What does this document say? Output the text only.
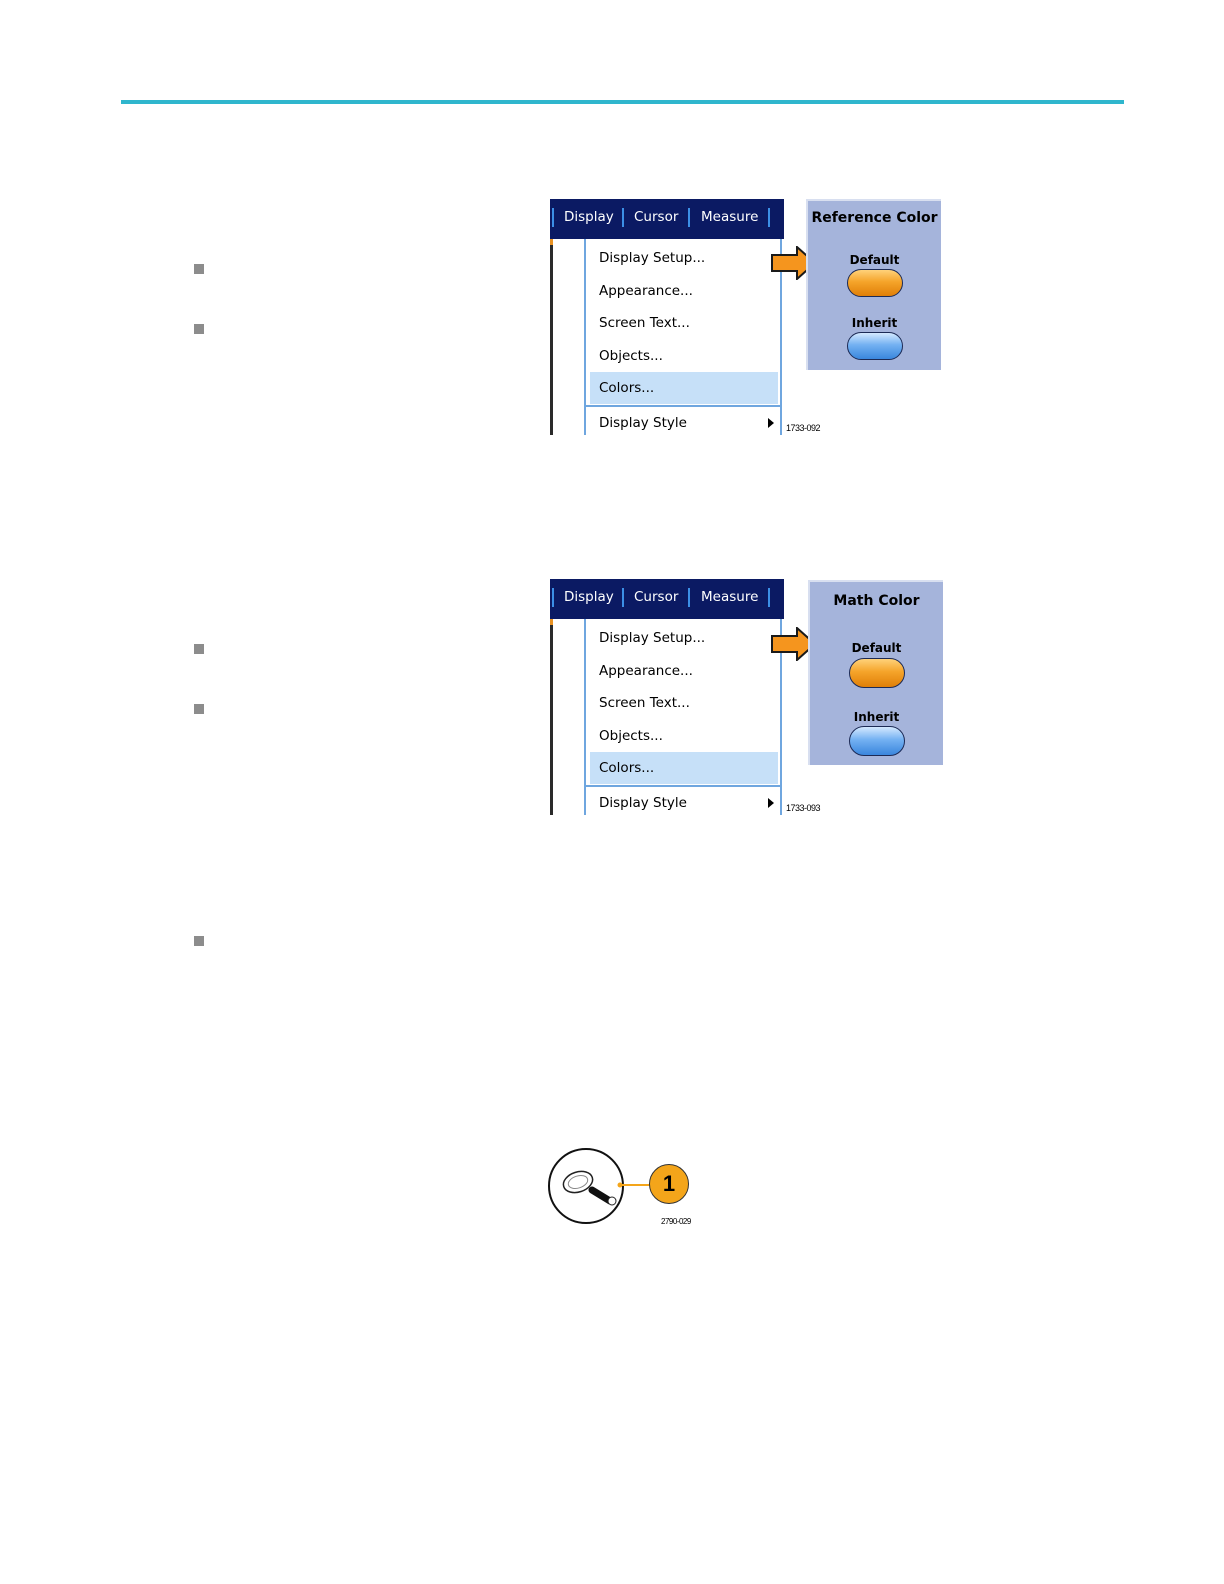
Display Cursor Measure
Display Setup...
Appearance...
Screen Text...
Objects...
Colors...
Display Style	1733-092
Reference Color
Default
Inherit
Display Cursor Measure
Display Setup...
Appearance...
Screen Text...
Objects...
Colors...
Display Style	1733-093
Math Color
Default
Inherit
1
2790-029
